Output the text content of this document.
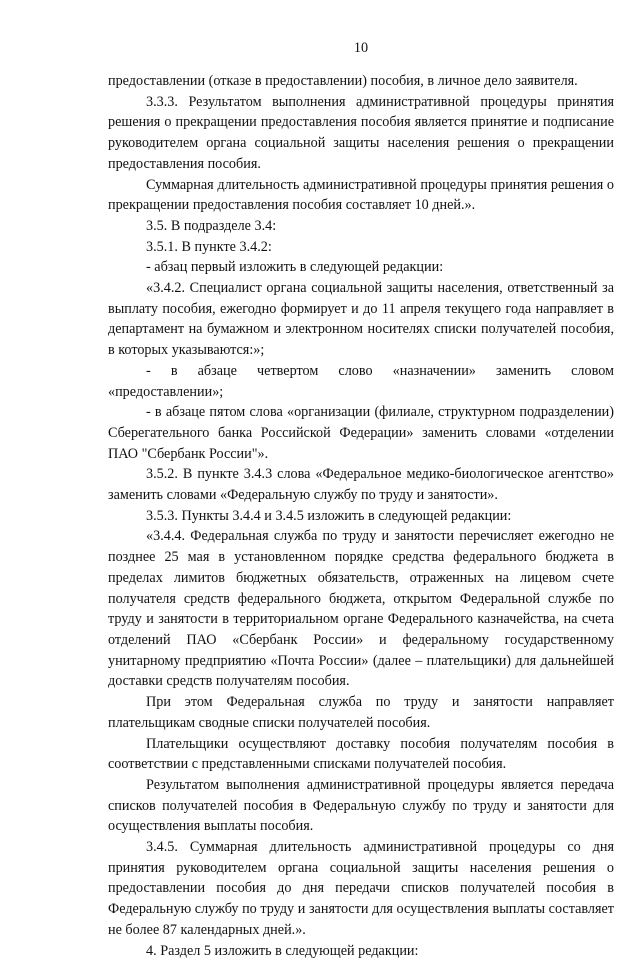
10

предоставлении (отказе в предоставлении) пособия, в личное дело заявителя.

3.3.3. Результатом выполнения административной процедуры принятия решения о прекращении предоставления пособия является принятие и подписание руководителем органа социальной защиты населения решения о прекращении предоставления пособия.

Суммарная длительность административной процедуры принятия решения о прекращении предоставления пособия составляет 10 дней.».

3.5. В подразделе 3.4:

3.5.1. В пункте 3.4.2:

- абзац первый изложить в следующей редакции:

«3.4.2. Специалист органа социальной защиты населения, ответственный за выплату пособия, ежегодно формирует и до 11 апреля текущего года направляет в департамент на бумажном и электронном носителях списки получателей пособия, в которых указываются:»;

- в абзаце четвертом слово «назначении» заменить словом «предоставлении»;

- в абзаце пятом слова «организации (филиале, структурном подразделении) Сберегательного банка Российской Федерации» заменить словами «отделении ПАО "Сбербанк России"».

3.5.2. В пункте 3.4.3 слова «Федеральное медико-биологическое агентство» заменить словами «Федеральную службу по труду и занятости».

3.5.3. Пункты 3.4.4 и 3.4.5 изложить в следующей редакции:

«3.4.4. Федеральная служба по труду и занятости перечисляет ежегодно не позднее 25 мая в установленном порядке средства федерального бюджета в пределах лимитов бюджетных обязательств, отраженных на лицевом счете получателя средств федерального бюджета, открытом Федеральной службе по труду и занятости в территориальном органе Федерального казначейства, на счета отделений ПАО «Сбербанк России» и федеральному государственному унитарному предприятию «Почта России» (далее – плательщики) для дальнейшей доставки средств получателям пособия.

При этом Федеральная служба по труду и занятости направляет плательщикам сводные списки получателей пособия.

Плательщики осуществляют доставку пособия получателям пособия в соответствии с представленными списками получателей пособия.

Результатом выполнения административной процедуры является передача списков получателей пособия в Федеральную службу по труду и занятости для осуществления выплаты пособия.

3.4.5. Суммарная длительность административной процедуры со дня принятия руководителем органа социальной защиты населения решения о предоставлении пособия до дня передачи списков получателей пособия в Федеральную службу по труду и занятости для осуществления выплаты составляет не более 87 календарных дней.».

4. Раздел 5 изложить в следующей редакции:
